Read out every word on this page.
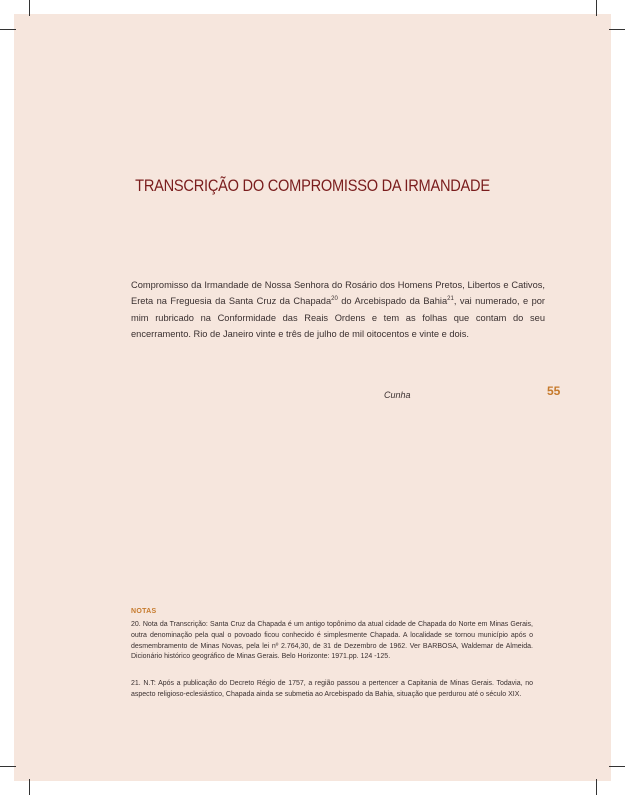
TRANSCRIÇÃO DO COMPROMISSO DA IRMANDADE
Compromisso da Irmandade de Nossa Senhora do Rosário dos Homens Pretos, Libertos e Cativos, Ereta na Freguesia da Santa Cruz da Chapada$^{20}$ do Arcebispado da Bahia$^{21}$, vai numerado, e por mim rubricado na Conformidade das Reais Ordens e tem as folhas que contam do seu encerramento. Rio de Janeiro vinte e três de julho de mil oitocentos e vinte e dois.
Cunha	55
NOTAS
20. Nota da Transcrição: Santa Cruz da Chapada é um antigo topônimo da atual cidade de Chapada do Norte em Minas Gerais, outra denominação pela qual o povoado ficou conhecido é simplesmente Chapada. A localidade se tornou município após o desmembramento de Minas Novas, pela lei nº 2.764,30, de 31 de Dezembro de 1962. Ver BARBOSA, Waldemar de Almeida. Dicionário histórico geográfico de Minas Gerais. Belo Horizonte: 1971.pp. 124 -125.
21. N.T: Após a publicação do Decreto Régio de 1757, a região passou a pertencer a Capitania de Minas Gerais. Todavia, no aspecto religioso-eclesiástico, Chapada ainda se submetia ao Arcebispado da Bahia, situação que perdurou até o século XIX.
